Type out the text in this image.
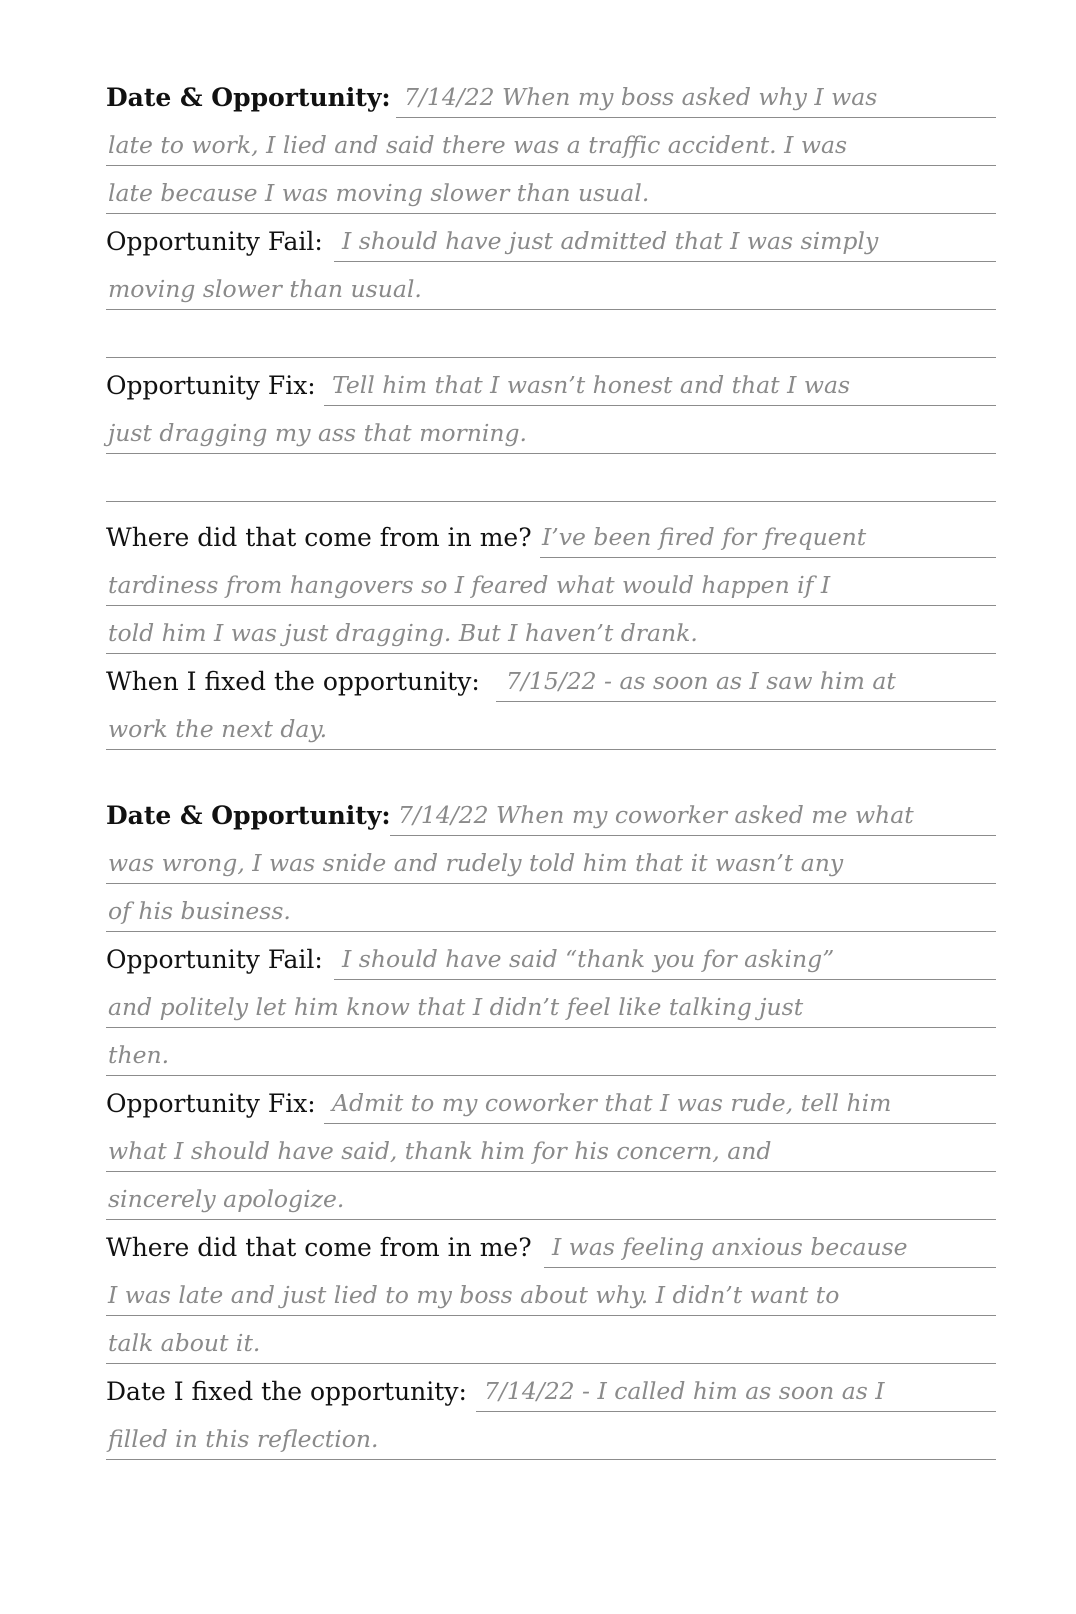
Date & Opportunity: 7/14/22 When my boss asked why I was
late to work, I lied and said there was a traffic accident. I was
late because I was moving slower than usual.
Opportunity Fail: I should have just admitted that I was simply
moving slower than usual.
Opportunity Fix: Tell him that I wasn’t honest and that I was
just dragging my ass that morning.
Where did that come from in me? I’ve been fired for frequent
tardiness from hangovers so I feared what would happen if I
told him I was just dragging. But I haven’t drank.
When I fixed the opportunity: 7/15/22 - as soon as I saw him at
work the next day.
Date & Opportunity: 7/14/22 When my coworker asked me what
was wrong, I was snide and rudely told him that it wasn’t any
of his business.
Opportunity Fail: I should have said “thank you for asking”
and politely let him know that I didn’t feel like talking just
then.
Opportunity Fix: Admit to my coworker that I was rude, tell him
what I should have said, thank him for his concern, and
sincerely apologize.
Where did that come from in me? I was feeling anxious because
I was late and just lied to my boss about why. I didn’t want to
talk about it.
Date I fixed the opportunity: 7/14/22 - I called him as soon as I
filled in this reflection.
